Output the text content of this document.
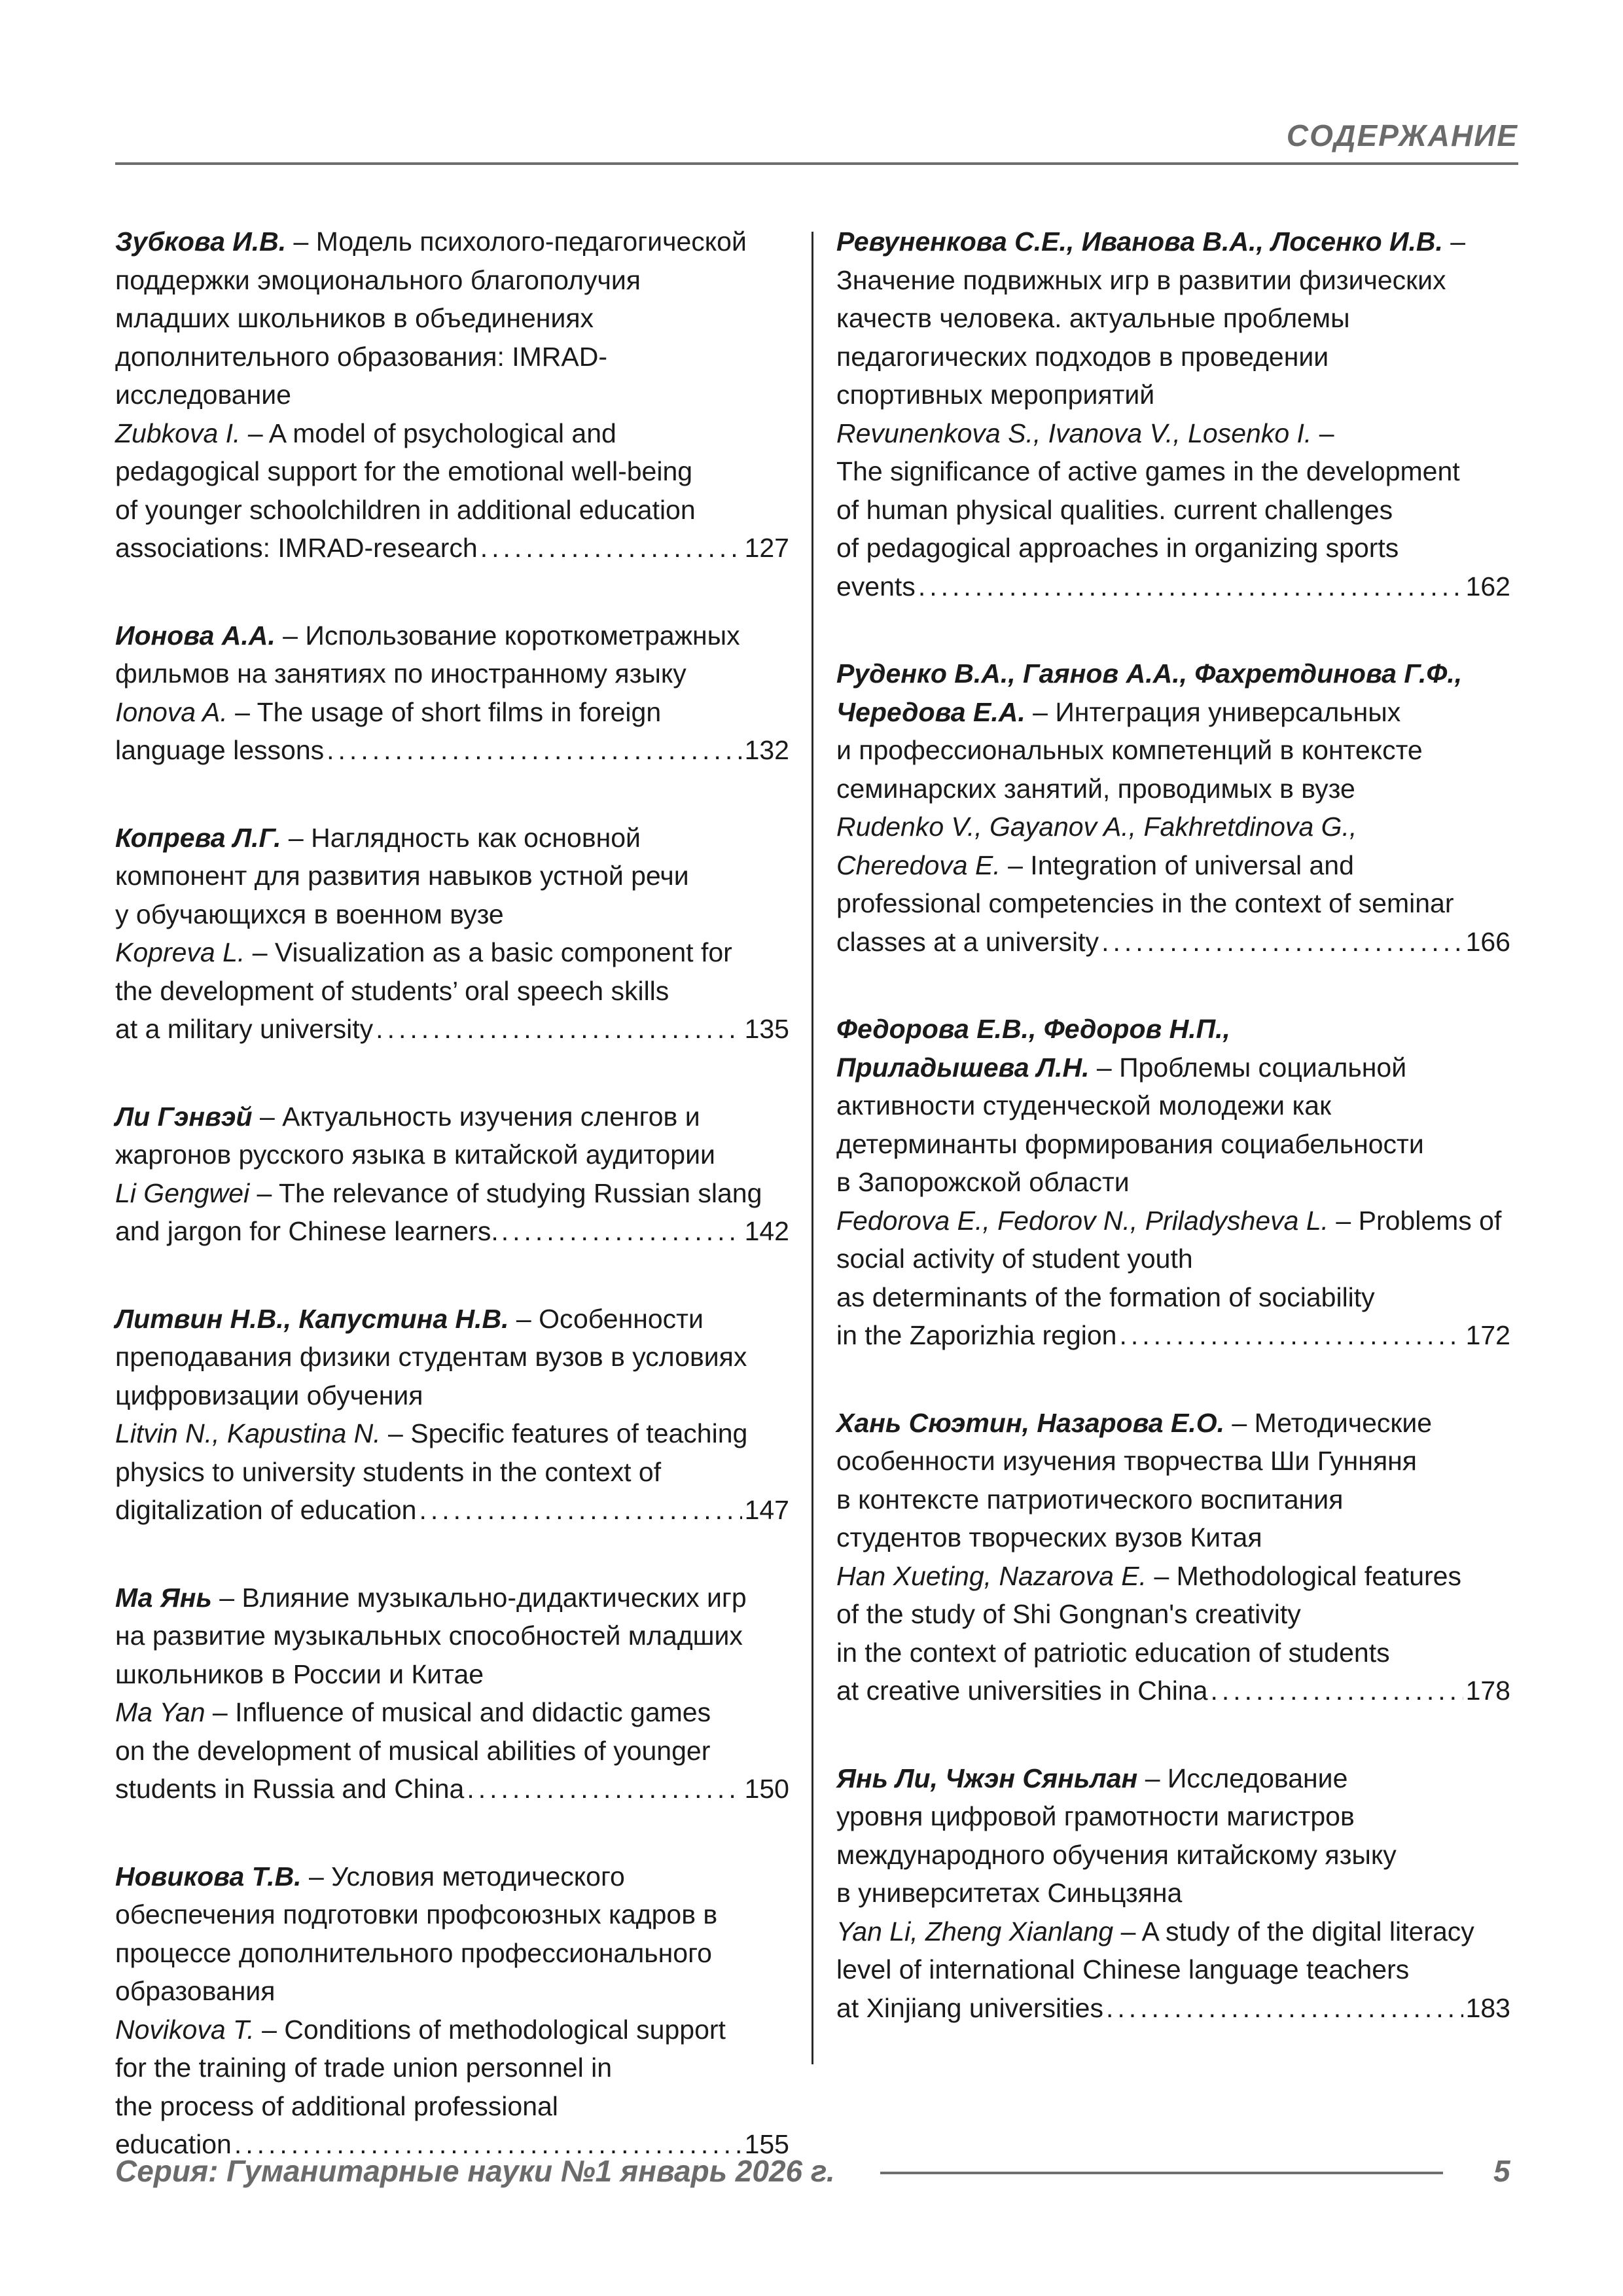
СОДЕРЖАНИЕ
Зубкова И.В. – Модель психолого-педагогической
поддержки эмоционального благополучия
младших школьников в объединениях
дополнительного образования: IMRAD-
исследование
Zubkova I. – A model of psychological and
pedagogical support for the emotional well-being
of younger schoolchildren in additional education
associations: IMRAD-research .....	127
Ионова А.А. – Использование короткометражных
фильмов на занятиях по иностранному языку
Ionova A. – The usage of short films in foreign
language lessons .....	132
Копрева Л.Г. – Наглядность как основной
компонент для развития навыков устной речи
у обучающихся в военном вузе
Kopreva L. – Visualization as a basic component for
the development of students’ oral speech skills
at a military university .....	135
Ли Гэнвэй – Актуальность изучения сленгов и
жаргонов русского языка в китайской аудитории
Li Gengwei – The relevance of studying Russian slang
and jargon for Chinese learners. .....	142
Литвин Н.В., Капустина Н.В. – Особенности
преподавания физики студентам вузов в условиях
цифровизации обучения
Litvin N., Kapustina N. – Specific features of teaching
physics to university students in the context of
digitalization of education .....	147
Ма Янь – Влияние музыкально-дидактических игр
на развитие музыкальных способностей младших
школьников в России и Китае
Ma Yan – Influence of musical and didactic games
on the development of musical abilities of younger
students in Russia and China .....	150
Новикова Т.В. – Условия методического
обеспечения подготовки профсоюзных кадров в
процессе дополнительного профессионального
образования
Novikova T. – Conditions of methodological support
for the training of trade union personnel in
the process of additional professional
education .....	155
Ревуненкова С.Е., Иванова В.А., Лосенко И.В. –
Значение подвижных игр в развитии физических
качеств человека. актуальные проблемы
педагогических подходов в проведении
спортивных мероприятий
Revunenkova S., Ivanova V., Losenko I. –
The significance of active games in the development
of human physical qualities. current challenges
of pedagogical approaches in organizing sports
events .....	162
Руденко В.А., Гаянов А.А., Фахретдинова Г.Ф.,
Чередова Е.А. – Интеграция универсальных
и профессиональных компетенций в контексте
семинарских занятий, проводимых в вузе
Rudenko V., Gayanov A., Fakhretdinova G.,
Cheredova E. – Integration of universal and
professional competencies in the context of seminar
classes at a university .....	166
Федорова Е.В., Федоров Н.П.,
Приладышева Л.Н. – Проблемы социальной
активности студенческой молодежи как
детерминанты формирования социабельности
в Запорожской области
Fedorova E., Fedorov N., Priladysheva L. – Problems of
social activity of student youth
as determinants of the formation of sociability
in the Zaporizhia region .....	172
Хань Сюэтин, Назарова Е.О. – Методические
особенности изучения творчества Ши Гунняня
в контексте патриотического воспитания
студентов творческих вузов Китая
Han Xueting, Nazarova E. – Methodological features
of the study of Shi Gongnan's creativity
in the context of patriotic education of students
at creative universities in China .....	178
Янь Ли, Чжэн Сяньлан – Исследование
уровня цифровой грамотности магистров
международного обучения китайскому языку
в университетах Синьцзяна
Yan Li, Zheng Xianlang – A study of the digital literacy
level of international Chinese language teachers
at Xinjiang universities .....	183
Серия: Гуманитарные науки №1 январь 2026 г.	5
